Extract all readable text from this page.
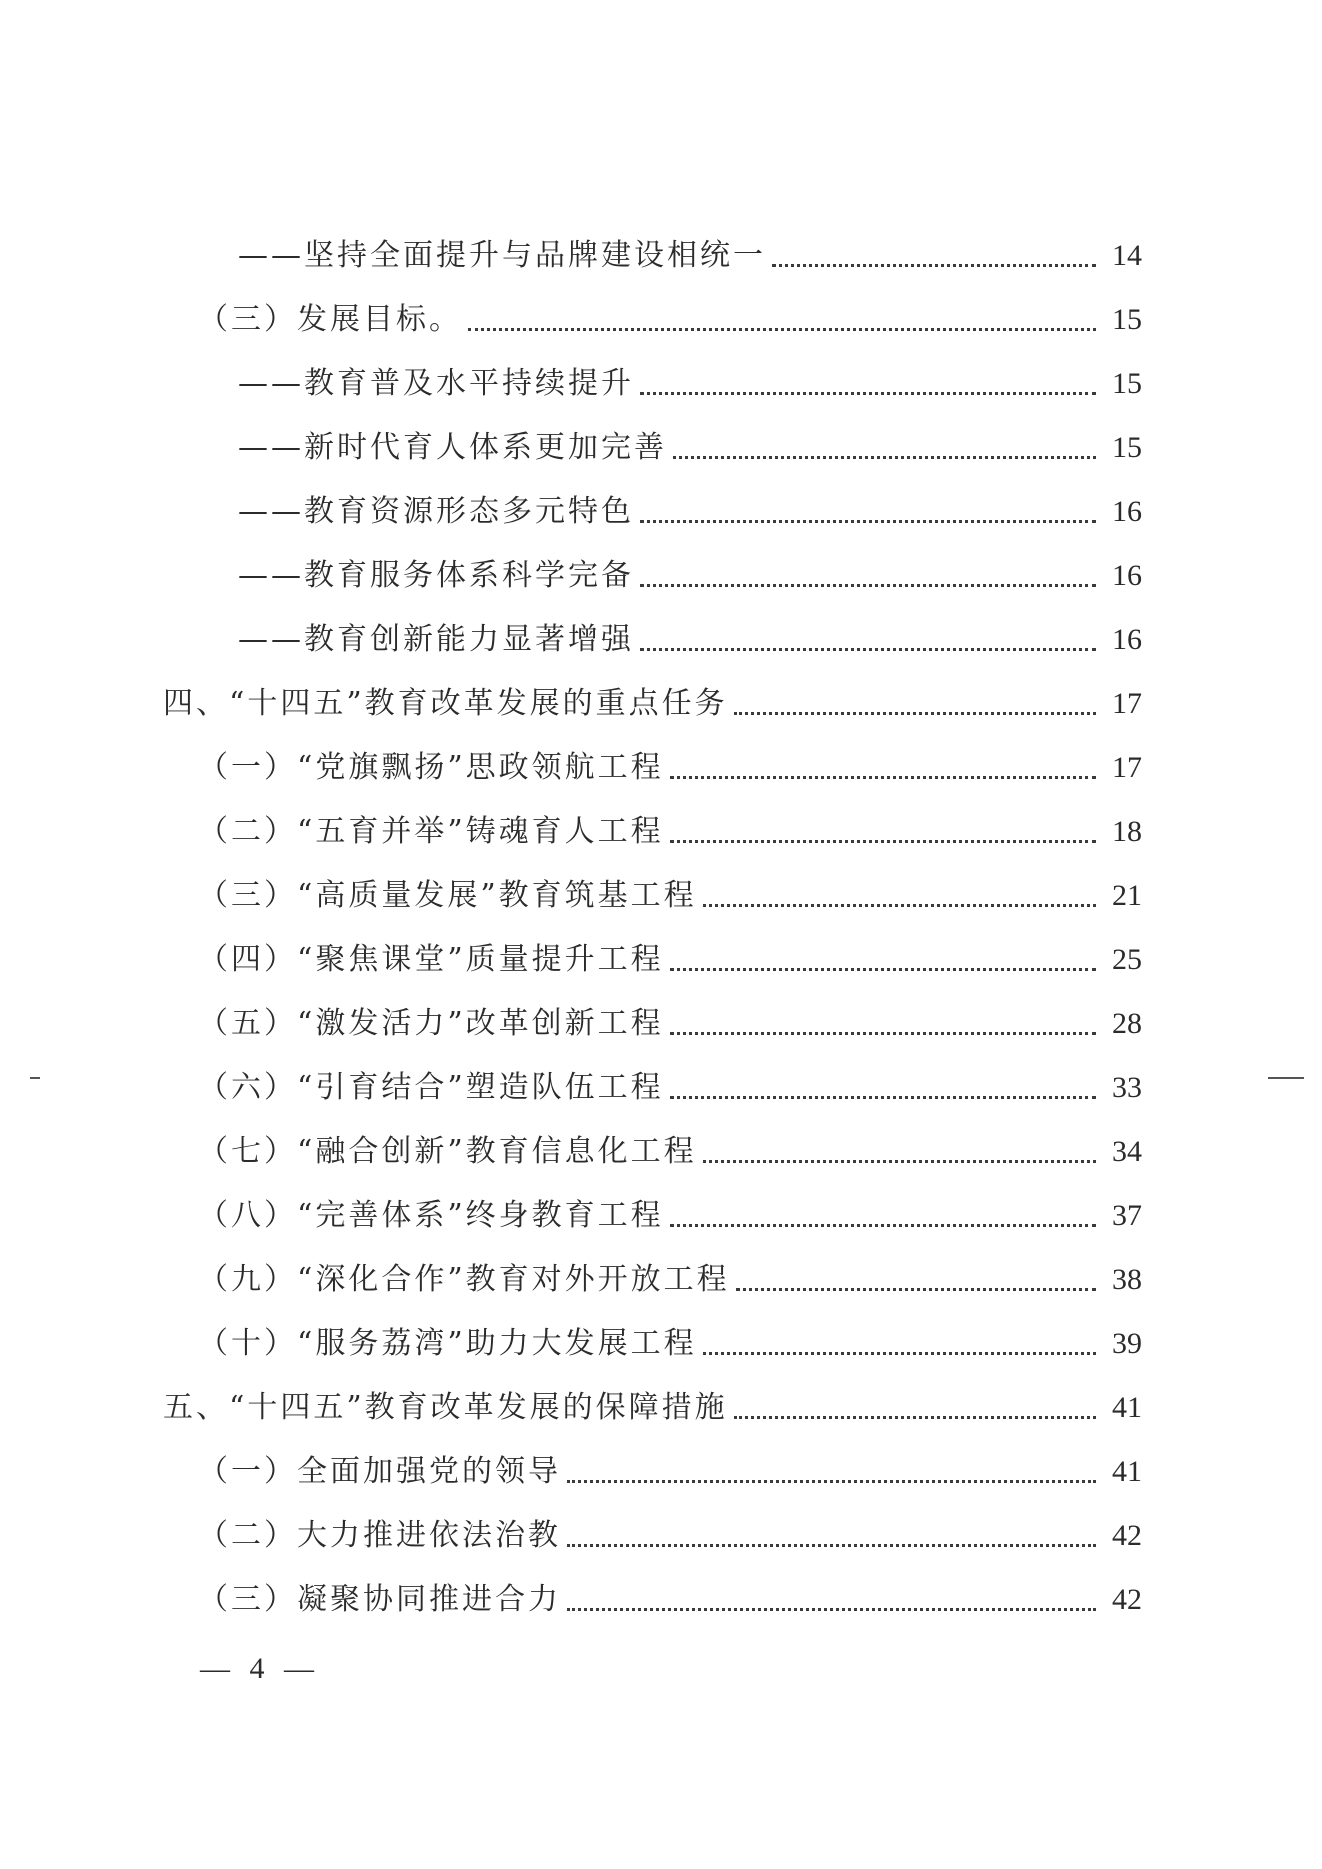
——坚持全面提升与品牌建设相统一	14
（三）发展目标。	15
——教育普及水平持续提升	15
——新时代育人体系更加完善	15
——教育资源形态多元特色	16
——教育服务体系科学完备	16
——教育创新能力显著增强	16
四、“十四五”教育改革发展的重点任务	17
（一）“党旗飘扬”思政领航工程	17
（二）“五育并举”铸魂育人工程	18
（三）“高质量发展”教育筑基工程	21
（四）“聚焦课堂”质量提升工程	25
（五）“激发活力”改革创新工程	28
（六）“引育结合”塑造队伍工程	33
（七）“融合创新”教育信息化工程	34
（八）“完善体系”终身教育工程	37
（九）“深化合作”教育对外开放工程	38
（十）“服务荔湾”助力大发展工程	39
五、“十四五”教育改革发展的保障措施	41
（一）全面加强党的领导	41
（二）大力推进依法治教	42
（三）凝聚协同推进合力	42
— 4 —
